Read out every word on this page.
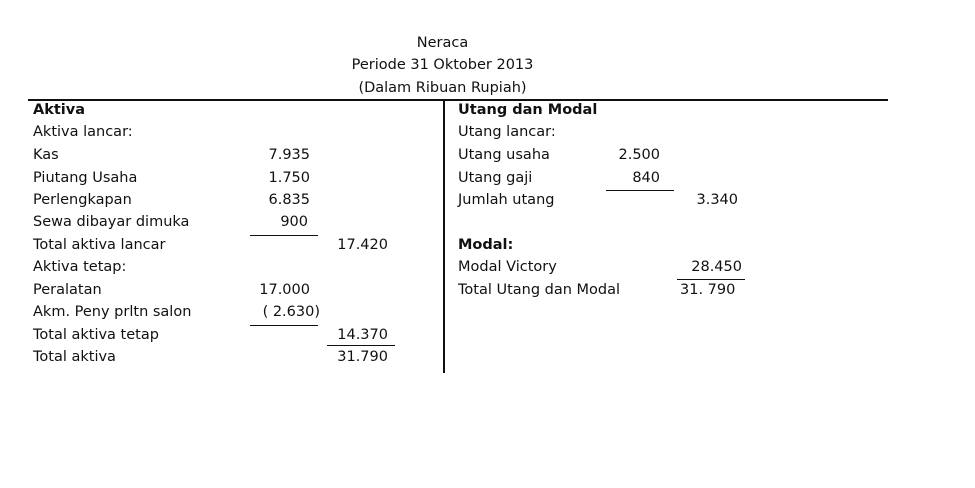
Neraca
Periode 31 Oktober 2013
(Dalam Ribuan Rupiah)
Aktiva
Aktiva lancar:
Kas	7.935
Piutang Usaha	1.750
Perlengkapan	6.835
Sewa dibayar dimuka	900
Total aktiva lancar	17.420
Aktiva tetap:
Peralatan	17.000
Akm. Peny prltn salon	( 2.630)
Total aktiva tetap	14.370
Total aktiva	31.790
Utang dan Modal
Utang lancar:
Utang usaha	2.500
Utang gaji	840
Jumlah utang	3.340
Modal:
Modal Victory	28.450
Total Utang dan Modal	31. 790
